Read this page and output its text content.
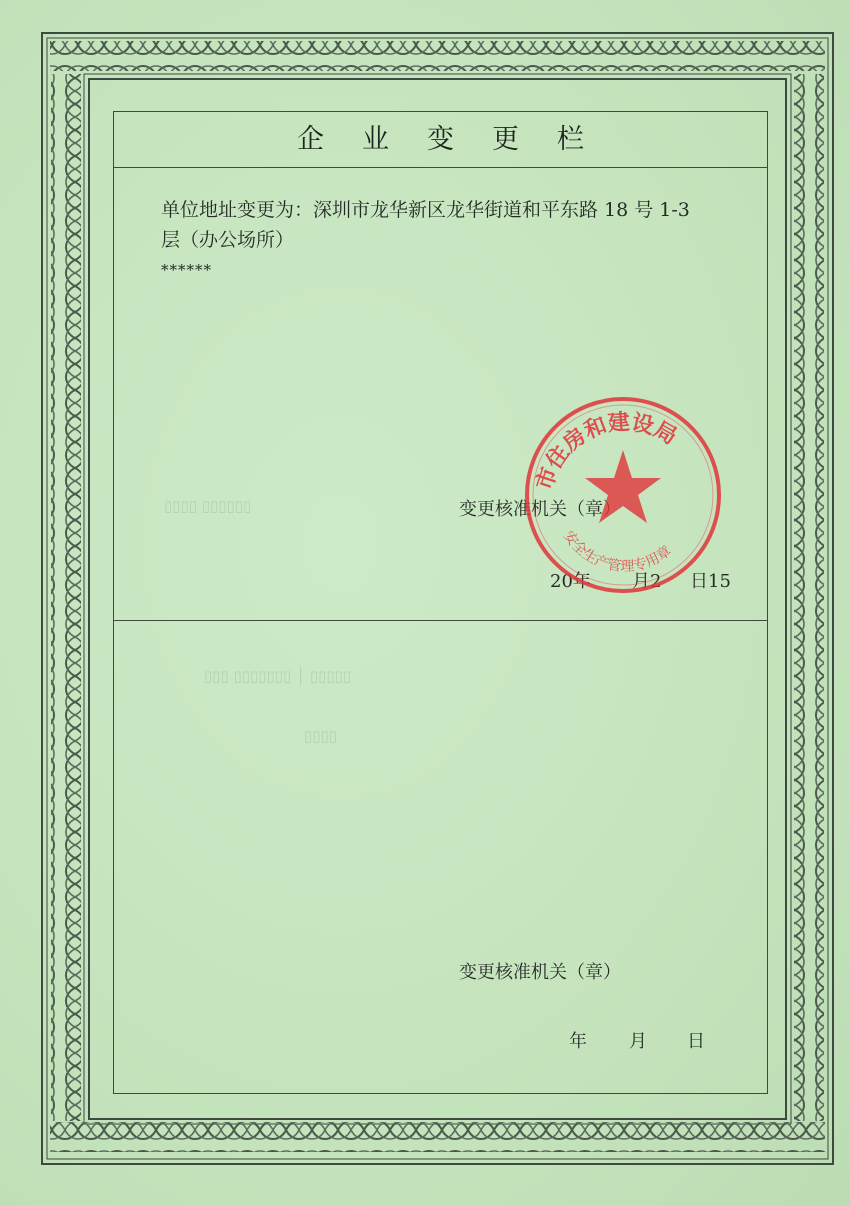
企业变更栏
单位地址变更为：深圳市龙华新区龙华街道和平东路 18 号 1-3
层（办公场所）
******
▯▯▯▯ ▯▯▯▯▯▯
▯▯▯ ▯▯▯▯▯▯▯ │ ▯▯▯▯▯
▯▯▯▯
变更核准机关（章）
20年 月2 日15
变更核准机关（章）
年 月 日
市住房和建设局
安全生产管理专用章
